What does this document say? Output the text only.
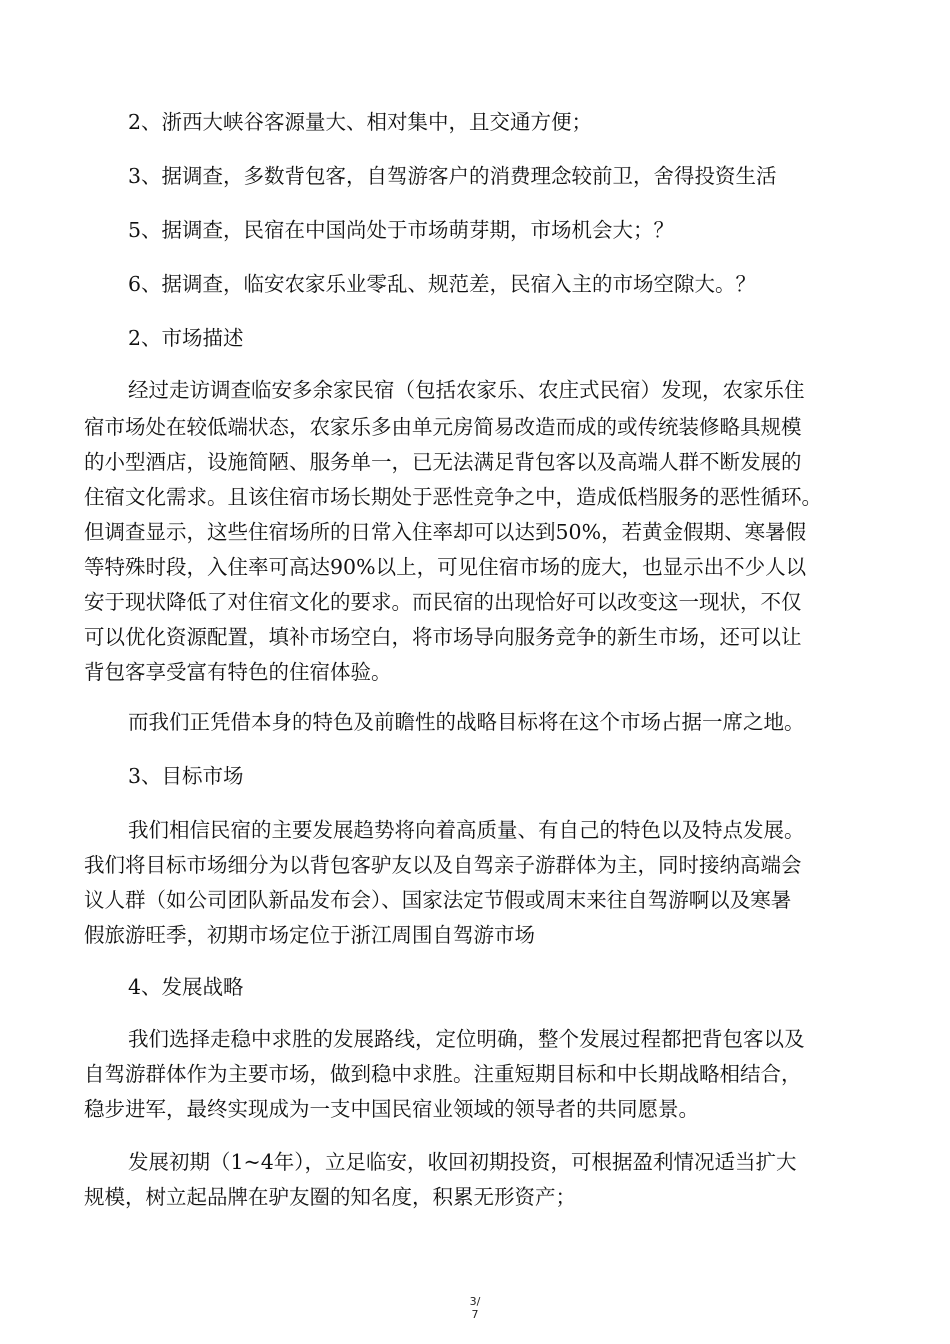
2、浙西大峡谷客源量大、相对集中，且交通方便；
3、据调查，多数背包客，自驾游客户的消费理念较前卫，舍得投资生活
5、据调查，民宿在中国尚处于市场萌芽期，市场机会大；？
6、据调查，临安农家乐业零乱、规范差，民宿入主的市场空隙大。？
2、市场描述
经过走访调查临安多余家民宿（包括农家乐、农庄式民宿）发现，农家乐住
宿市场处在较低端状态，农家乐多由单元房简易改造而成的或传统装修略具规模
的小型酒店，设施简陋、服务单一，已无法满足背包客以及高端人群不断发展的
住宿文化需求。且该住宿市场长期处于恶性竞争之中，造成低档服务的恶性循环。
但调查显示，这些住宿场所的日常入住率却可以达到50%，若黄金假期、寒暑假
等特殊时段，入住率可高达90%以上，可见住宿市场的庞大，也显示出不少人以
安于现状降低了对住宿文化的要求。而民宿的出现恰好可以改变这一现状，不仅
可以优化资源配置，填补市场空白，将市场导向服务竞争的新生市场，还可以让
背包客享受富有特色的住宿体验。
而我们正凭借本身的特色及前瞻性的战略目标将在这个市场占据一席之地。
3、目标市场
我们相信民宿的主要发展趋势将向着高质量、有自己的特色以及特点发展。
我们将目标市场细分为以背包客驴友以及自驾亲子游群体为主，同时接纳高端会
议人群（如公司团队新品发布会）、国家法定节假或周末来往自驾游啊以及寒暑
假旅游旺季，初期市场定位于浙江周围自驾游市场
4、发展战略
我们选择走稳中求胜的发展路线，定位明确，整个发展过程都把背包客以及
自驾游群体作为主要市场，做到稳中求胜。注重短期目标和中长期战略相结合，
稳步进军，最终实现成为一支中国民宿业领域的领导者的共同愿景。
发展初期（1~4年），立足临安，收回初期投资，可根据盈利情况适当扩大
规模，树立起品牌在驴友圈的知名度，积累无形资产；
3/
7
